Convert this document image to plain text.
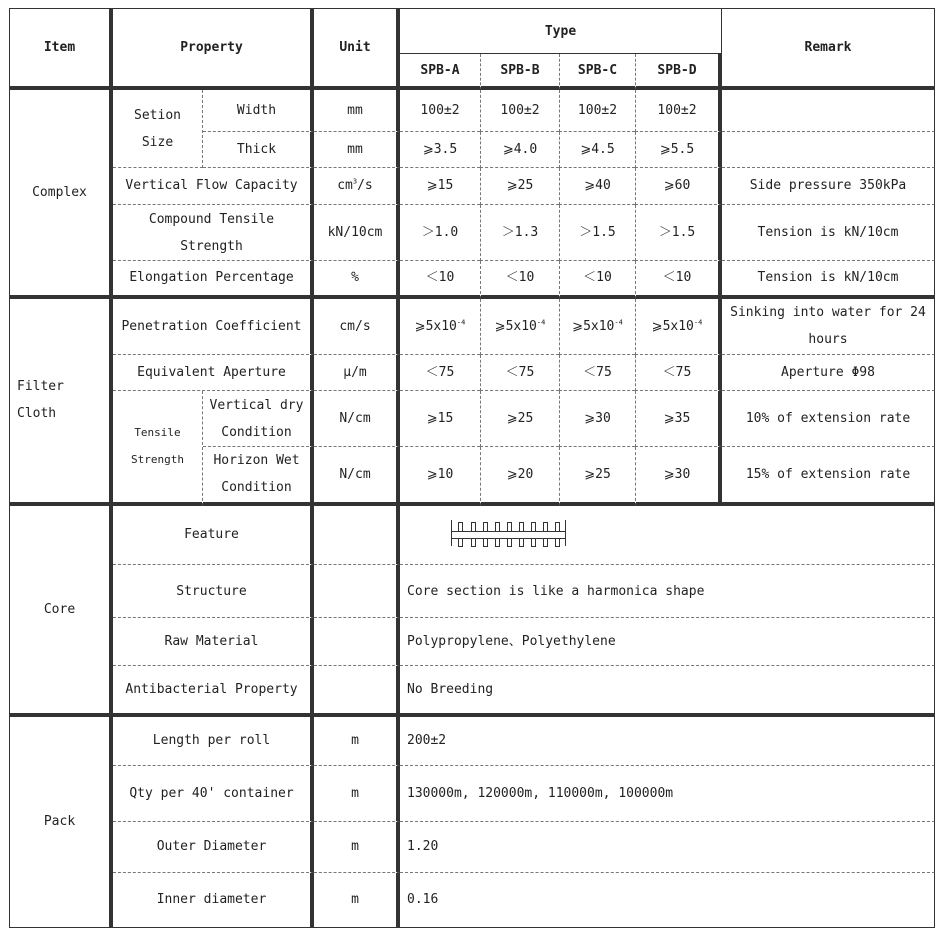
Item	Property		Unit	Type				Remark
				SPB-A	SPB-B	SPB-C	SPB-D	
Complex	Setion Size	Width	mm	100±2	100±2	100±2	100±2	
		Thick	mm	⩾3.5	⩾4.0	⩾4.5	⩾5.5	
	Vertical Flow Capacity		$cm^3/s$	⩾15	⩾25	⩾40	⩾60	Side pressure 350kPa
	Compound Tensile Strength		kN/10cm	＞1.0	＞1.3	＞1.5	＞1.5	Tension is kN/10cm
	Elongation Percentage		%	＜10	＜10	＜10	＜10	Tension is kN/10cm
Filter Cloth	Penetration Coefficient		cm/s	$⩾5x10^{-4}$	$⩾5x10^{-4}$	$⩾5x10^{-4}$	$⩾5x10^{-4}$	Sinking into water for 24 hours
	Equivalent Aperture		μ/m	＜75	＜75	＜75	＜75	Aperture Φ98
	Tensile Strength	Vertical dry Condition	N/cm	⩾15	⩾25	⩾30	⩾35	10% of extension rate
		Horizon Wet Condition	N/cm	⩾10	⩾20	⩾25	⩾30	15% of extension rate
Core	Feature		

	Structure			Core section is like a harmonica shape				
	Raw Material			Polypropylene、Polyethylene				
	Antibacterial Property			No Breeding				
Pack	Length per roll		m	200±2				
	Qty per 40' container		m	130000m, 120000m, 110000m, 100000m				
	Outer Diameter		m	1.20				
	Inner diameter		m	0.16				
